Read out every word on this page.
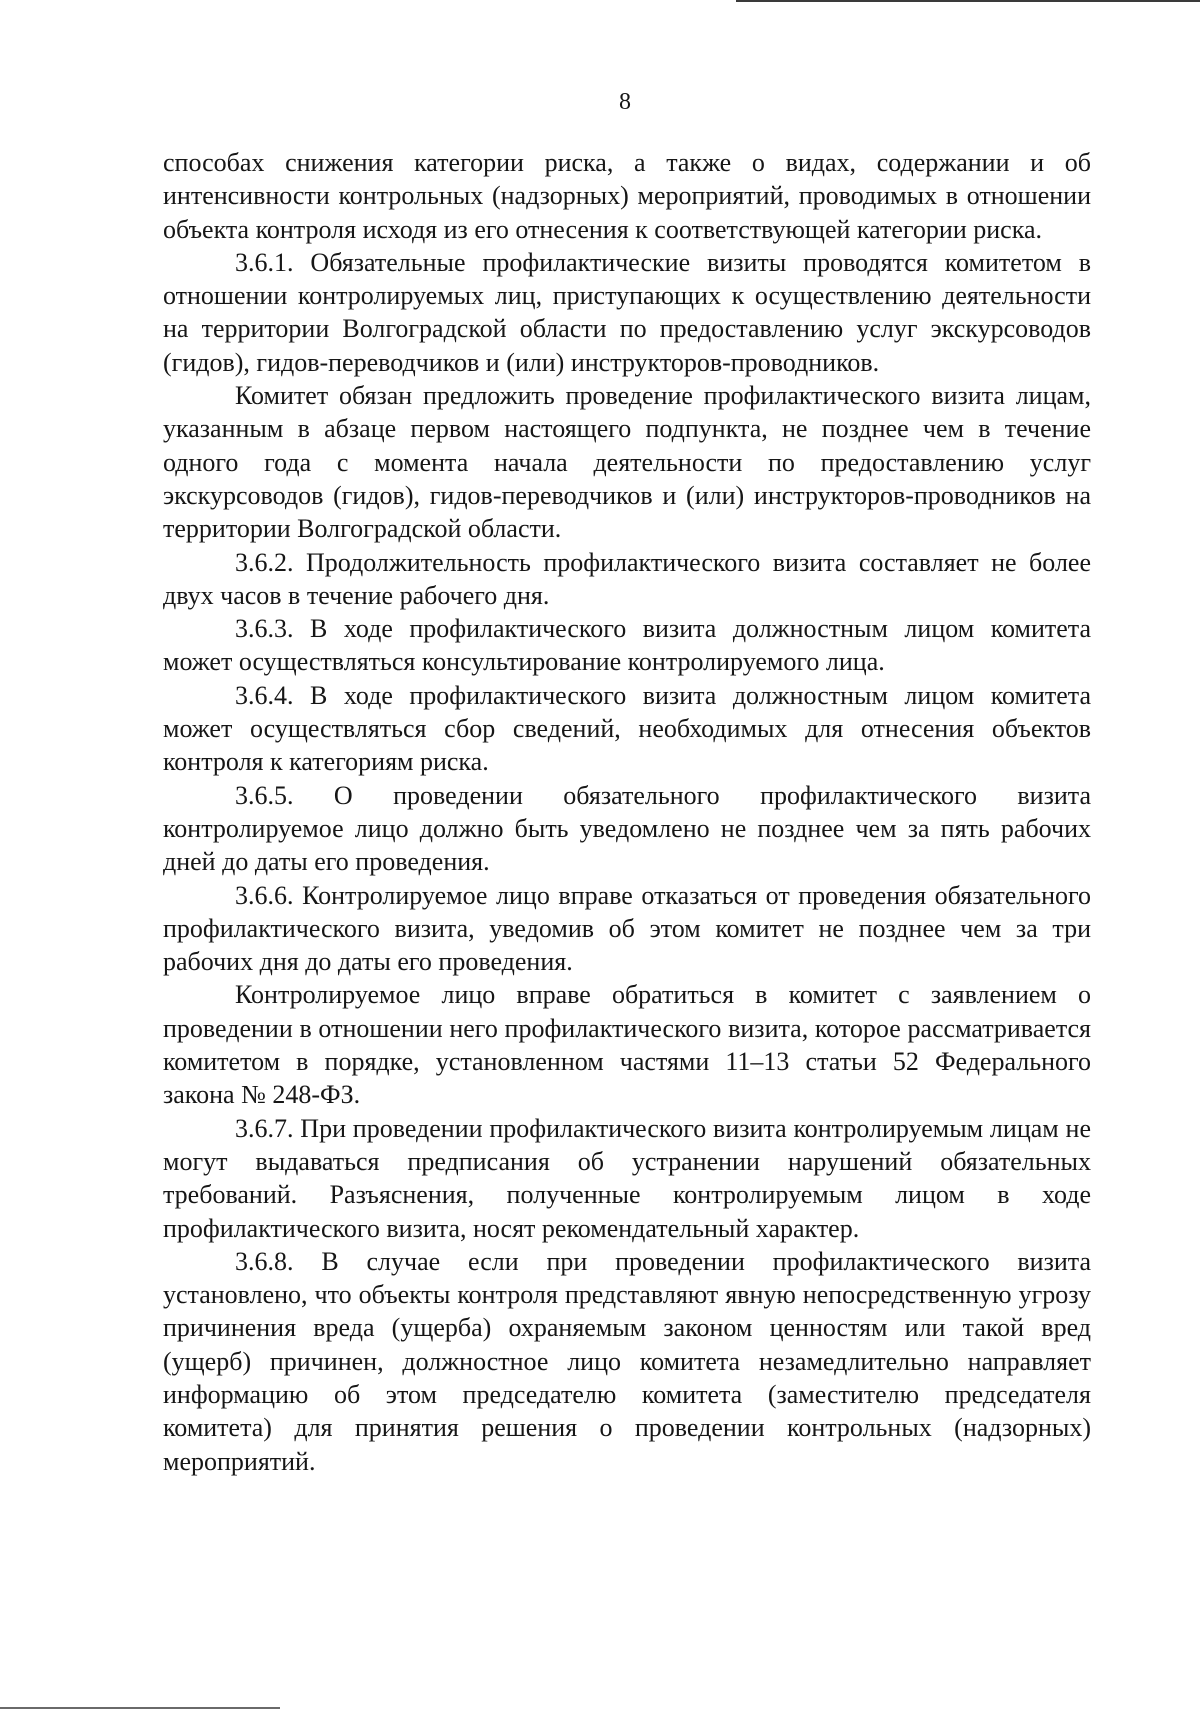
8

способах снижения категории риска, а также о видах, содержании и об интенсивности контрольных (надзорных) мероприятий, проводимых в отношении объекта контроля исходя из его отнесения к соответствующей категории риска.

3.6.1. Обязательные профилактические визиты проводятся комитетом в отношении контролируемых лиц, приступающих к осуществлению деятельности на территории Волгоградской области по предоставлению услуг экскурсоводов (гидов), гидов-переводчиков и (или) инструкторов-проводников.

Комитет обязан предложить проведение профилактического визита лицам, указанным в абзаце первом настоящего подпункта, не позднее чем в течение одного года с момента начала деятельности по предоставлению услуг экскурсоводов (гидов), гидов-переводчиков и (или) инструкторов-проводников на территории Волгоградской области.

3.6.2. Продолжительность профилактического визита составляет не более двух часов в течение рабочего дня.

3.6.3. В ходе профилактического визита должностным лицом комитета может осуществляться консультирование контролируемого лица.

3.6.4. В ходе профилактического визита должностным лицом комитета может осуществляться сбор сведений, необходимых для отнесения объектов контроля к категориям риска.

3.6.5. О проведении обязательного профилактического визита контролируемое лицо должно быть уведомлено не позднее чем за пять рабочих дней до даты его проведения.

3.6.6. Контролируемое лицо вправе отказаться от проведения обязательного профилактического визита, уведомив об этом комитет не позднее чем за три рабочих дня до даты его проведения.

Контролируемое лицо вправе обратиться в комитет с заявлением о проведении в отношении него профилактического визита, которое рассматривается комитетом в порядке, установленном частями 11–13 статьи 52 Федерального закона № 248-ФЗ.

3.6.7. При проведении профилактического визита контролируемым лицам не могут выдаваться предписания об устранении нарушений обязательных требований. Разъяснения, полученные контролируемым лицом в ходе профилактического визита, носят рекомендательный характер.

3.6.8. В случае если при проведении профилактического визита установлено, что объекты контроля представляют явную непосредственную угрозу причинения вреда (ущерба) охраняемым законом ценностям или такой вред (ущерб) причинен, должностное лицо комитета незамедлительно направляет информацию об этом председателю комитета (заместителю председателя комитета) для принятия решения о проведении контрольных (надзорных) мероприятий.
